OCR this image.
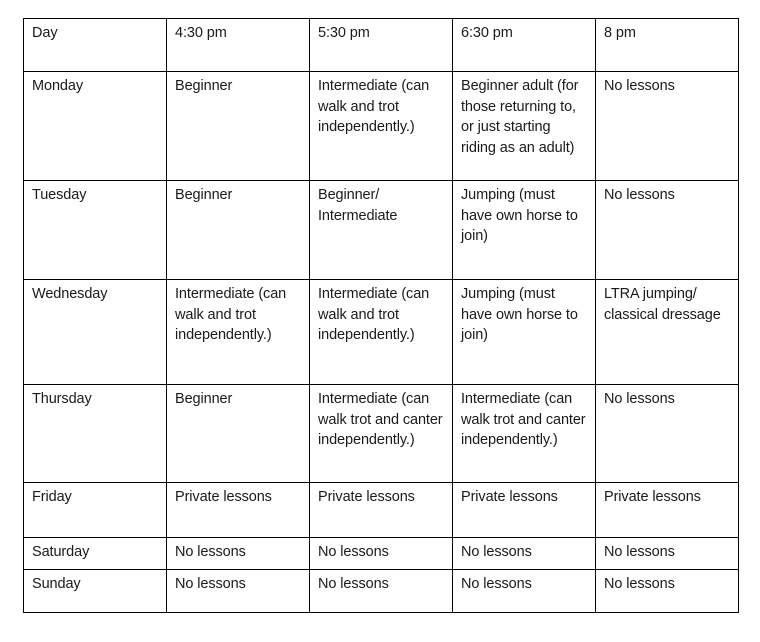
Day	4:30 pm	5:30 pm	6:30 pm	8 pm
Monday	Beginner	Intermediate (can walk and trot independently.)	Beginner adult (for those returning to, or just starting riding as an adult)	No lessons
Tuesday	Beginner	Beginner/ Intermediate	Jumping (must have own horse to join)	No lessons
Wednesday	Intermediate (can walk and trot independently.)	Intermediate (can walk and trot independently.)	Jumping (must have own horse to join)	LTRA jumping/ classical dressage
Thursday	Beginner	Intermediate (can walk trot and canter independently.)	Intermediate (can walk trot and canter independently.)	No lessons
Friday	Private lessons	Private lessons	Private lessons	Private lessons
Saturday	No lessons	No lessons	No lessons	No lessons
Sunday	No lessons	No lessons	No lessons	No lessons
